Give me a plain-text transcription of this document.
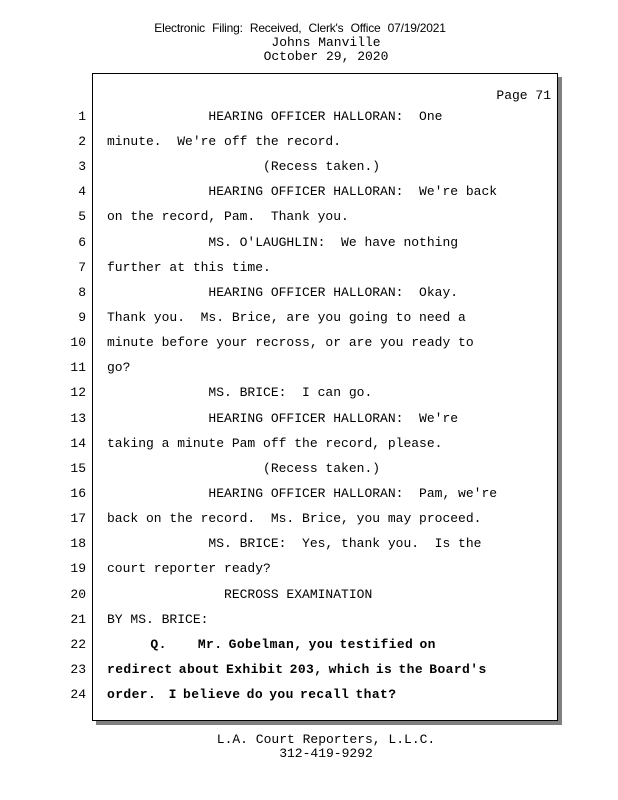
Electronic Filing: Received, Clerk's Office 07/19/2021
Johns Manville
October 29, 2020
Page 71
1 HEARING OFFICER HALLORAN:  One
2 minute.  We're off the record.
3 (Recess taken.)
4 HEARING OFFICER HALLORAN:  We're back
5 on the record, Pam.  Thank you.
6 MS. O'LAUGHLIN:  We have nothing
7 further at this time.
8 HEARING OFFICER HALLORAN:  Okay.
9 Thank you.  Ms. Brice, are you going to need a
10 minute before your recross, or are you ready to
11 go?
12 MS. BRICE:  I can go.
13 HEARING OFFICER HALLORAN:  We're
14 taking a minute Pam off the record, please.
15 (Recess taken.)
16 HEARING OFFICER HALLORAN:  Pam, we're
17 back on the record.  Ms. Brice, you may proceed.
18 MS. BRICE:  Yes, thank you.  Is the
19 court reporter ready?
20 RECROSS EXAMINATION
21 BY MS. BRICE:
22 Q.     Mr. Gobelman, you testified on
23 redirect about Exhibit 203, which is the Board's
24 order.  I believe do you recall that?
L.A. Court Reporters, L.L.C.
312-419-9292
